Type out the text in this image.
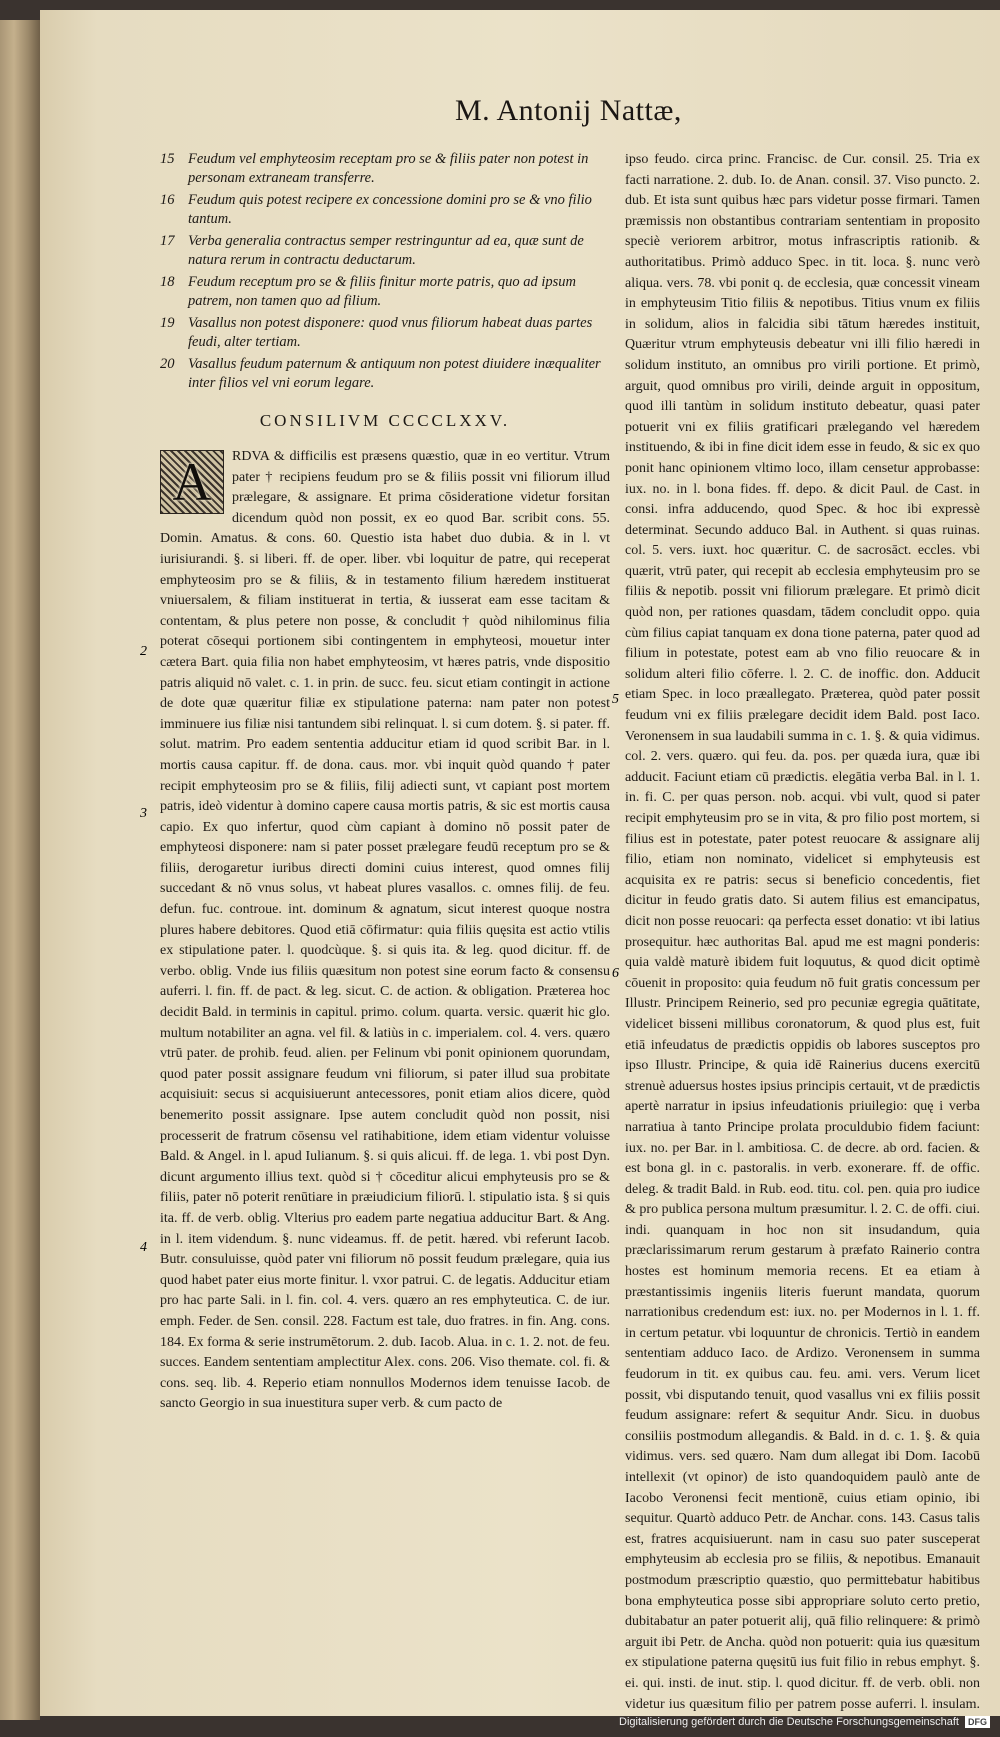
M. Antonij Nattæ,
15 Feudum vel emphyteosim receptam pro se & filiis pater non potest in personam extraneam transferre.
16 Feudum quis potest recipere ex concessione domini pro se & vno filio tantum.
17 Verba generalia contractus semper restringuntur ad ea, quæ sunt de natura rerum in contractu deductarum.
18 Feudum receptum pro se & filiis finitur morte patris, quo ad ipsum patrem, non tamen quo ad filium.
19 Vasallus non potest disponere: quod vnus filiorum habeat duas partes feudi, alter tertiam.
20 Vasallus feudum paternum & antiquum non potest diuidere inæqualiter inter filios vel vni eorum legare.
CONSILIVM CCCCLXXV.

A	RDVA & difficilis est præsens quæstio, quæ in eo vertitur. Vtrum pater † recipiens feudum pro se & filiis possit vni filiorum illud prælegare, & assignare. Et prima cōsideratione videtur forsitan dicendum quòd non possit, ex eo quod Bar. scribit cons. 55. Domin. Amatus. & cons. 60. Questio ista habet duo dubia. & in l. vt iurisiurandi. §. si liberi. ff. de oper. liber. vbi loquitur de patre, qui receperat emphyteosim pro se & filiis, & in testamento filium hæredem instituerat vniuersalem, & filiam instituerat in tertia, & iusserat eam esse tacitam & contentam, & plus petere non posse, & concludit † quòd nihilominus filia poterat cōsequi portionem sibi contingentem in emphyteosi, mouetur inter cætera Bart. quia filia non habet emphyteosim, vt hæres patris, vnde dispositio patris aliquid nō valet. c. 1. in prin. de succ. feu. sicut etiam contingit in actione de dote quæ quæritur filiæ ex stipulatione paterna: nam pater non potest imminuere ius filiæ nisi tantundem sibi relinquat. l. si cum dotem. §. si pater. ff. solut. matrim. Pro eadem sententia adducitur etiam id quod scribit Bar. in l. mortis causa capitur. ff. de dona. caus. mor. vbi inquit quòd quando † pater recipit emphyteosim pro se & filiis, filij adiecti sunt, vt capiant post mortem patris, ideò videntur à domino capere causa mortis patris, & sic est mortis causa capio. Ex quo infertur, quod cùm capiant à domino nō possit pater de emphyteosi disponere: nam si pater posset prælegare feudū receptum pro se & filiis, derogaretur iuribus directi domini cuius interest, quod omnes filij succedant & nō vnus solus, vt habeat plures vasallos. c. omnes filij. de feu. defun. fuc. controue. int. dominum & agnatum, sicut interest quoque nostra plures habere debitores. Quod etiā cōfirmatur: quia filiis quęsita est actio vtilis ex stipulatione pater. l. quodcùque. §. si quis ita. & leg. quod dicitur. ff. de verbo. oblig. Vnde ius filiis quæsitum non potest sine eorum facto & consensu auferri. l. fin. ff. de pact. & leg. sicut. C. de action. & obligation. Præterea hoc decidit Bald. in terminis in capitul. primo. colum. quarta. versic. quærit hic glo. multum notabiliter an agna. vel fil. & latiùs in c. imperialem. col. 4. vers. quæro vtrū pater. de prohib. feud. alien. per Felinum vbi ponit opinionem quorundam, quod pater possit assignare feudum vni filiorum, si pater illud sua probitate acquisiuit: secus si acquisiuerunt antecessores, ponit etiam alios dicere, quòd benemerito possit assignare. Ipse autem concludit quòd non possit, nisi processerit de fratrum cōsensu vel ratihabitione, idem etiam videntur voluisse Bald. & Angel. in l. apud Iulianum. §. si quis alicui. ff. de lega. 1. vbi post Dyn. dicunt argumento illius text. quòd si † cōceditur alicui emphyteusis pro se & filiis, pater nō poterit renūtiare in præiudicium filiorū. l. stipulatio ista. § si quis ita. ff. de verb. oblig. Vlterius pro eadem parte negatiua adducitur Bart. & Ang. in l. item videndum. §. nunc videamus. ff. de petit. hæred. vbi referunt Iacob. Butr. consuluisse, quòd pater vni filiorum nō possit feudum prælegare, quia ius quod habet pater eius morte finitur. l. vxor patrui. C. de legatis. Adducitur etiam pro hac parte Sali. in l. fin. col. 4. vers. quæro an res emphyteutica. C. de iur. emph. Feder. de Sen. consil. 228. Factum est tale, duo fratres. in fin. Ang. cons. 184. Ex forma & serie instrumētorum. 2. dub. Iacob. Alua. in c. 1. 2. not. de feu. succes. Eandem sententiam amplectitur Alex. cons. 206. Viso themate. col. fi. & cons. seq. lib. 4. Reperio etiam nonnullos Modernos idem tenuisse Iacob. de sancto Georgio in sua inuestitura super verb. & cum pacto de

ipso feudo. circa princ. Francisc. de Cur. consil. 25. Tria ex facti narratione. 2. dub. Io. de Anan. consil. 37. Viso puncto. 2. dub. Et ista sunt quibus hæc pars videtur posse firmari. Tamen præmissis non obstantibus contrariam sententiam in proposito speciè veriorem arbitror, motus infrascriptis rationib. & authoritatibus. Primò adduco Spec. in tit. loca. §. nunc verò aliqua. vers. 78. vbi ponit q. de ecclesia, quæ concessit vineam in emphyteusim Titio filiis & nepotibus. Titius vnum ex filiis in solidum, alios in falcidia sibi tātum hæredes instituit, Quæritur vtrum emphyteusis debeatur vni illi filio hæredi in solidum instituto, an omnibus pro virili portione. Et primò, arguit, quod omnibus pro virili, deinde arguit in oppositum, quod illi tantùm in solidum instituto debeatur, quasi pater potuerit vni ex filiis gratificari prælegando vel hæredem instituendo, & ibi in fine dicit idem esse in feudo, & sic ex quo ponit hanc opinionem vltimo loco, illam censetur approbasse: iux. no. in l. bona fides. ff. depo. & dicit Paul. de Cast. in consi. infra adducendo, quod Spec. & hoc ibi expressè determinat. Secundo adduco Bal. in Authent. si quas ruinas. col. 5. vers. iuxt. hoc quæritur. C. de sacrosāct. eccles. vbi quærit, vtrū pater, qui recepit ab ecclesia emphyteusim pro se filiis & nepotib. possit vni filiorum prælegare. Et primò dicit quòd non, per rationes quasdam, tādem concludit oppo. quia cùm filius capiat tanquam ex dona tione paterna, pater quod ad filium in potestate, potest eam ab vno filio reuocare & in solidum alteri filio cōferre. l. 2. C. de inoffic. don. Adducit etiam Spec. in loco præallegato. Præterea, quòd pater possit feudum vni ex filiis prælegare decidit idem Bald. post Iaco. Veronensem in sua laudabili summa in c. 1. §. & quia vidimus. col. 2. vers. quæro. qui feu. da. pos. per quæda iura, quæ ibi adducit. Faciunt etiam cū prædictis. elegātia verba Bal. in l. 1. in. fi. C. per quas person. nob. acqui. vbi vult, quod si pater recipit emphyteusim pro se in vita, & pro filio post mortem, si filius est in potestate, pater potest reuocare & assignare alij filio, etiam non nominato, videlicet si emphyteusis est acquisita ex re patris: secus si beneficio concedentis, fiet dicitur in feudo gratis dato. Si autem filius est emancipatus, dicit non posse reuocari: qa perfecta esset donatio: vt ibi latius prosequitur. hæc authoritas Bal. apud me est magni ponderis: quia valdè maturè ibidem fuit loquutus, & quod dicit optimè cōuenit in proposito: quia feudum nō fuit gratis concessum per Illustr. Principem Reinerio, sed pro pecuniæ egregia quātitate, videlicet bisseni millibus coronatorum, & quod plus est, fuit etiā infeudatus de prædictis oppidis ob labores susceptos pro ipso Illustr. Principe, & quia idē Rainerius ducens exercitū strenuè aduersus hostes ipsius principis certauit, vt de prædictis apertè narratur in ipsius infeudationis priuilegio: quę i verba narratiua à tanto Principe prolata proculdubio fidem faciunt: iux. no. per Bar. in l. ambitiosa. C. de decre. ab ord. facien. & est bona gl. in c. pastoralis. in verb. exonerare. ff. de offic. deleg. & tradit Bald. in Rub. eod. titu. col. pen. quia pro iudice & pro publica persona multum præsumitur. l. 2. C. de offi. ciui. indi. quanquam in hoc non sit insudandum, quia præclarissimarum rerum gestarum à præfato Rainerio contra hostes est hominum memoria recens. Et ea etiam à præstantissimis ingeniis literis fuerunt mandata, quorum narrationibus credendum est: iux. no. per Modernos in l. 1. ff. in certum petatur. vbi loquuntur de chronicis. Tertiò in eandem sententiam adduco Iaco. de Ardizo. Veronensem in summa feudorum in tit. ex quibus cau. feu. ami. vers. Verum licet possit, vbi disputando tenuit, quod vasallus vni ex filiis possit feudum assignare: refert & sequitur Andr. Sicu. in duobus consiliis postmodum allegandis. & Bald. in d. c. 1. §. & quia vidimus. vers. sed quæro. Nam dum allegat ibi Dom. Iacobū intellexit (vt opinor) de isto quandoquidem paulò ante de Iacobo Veronensi fecit mentionē, cuius etiam opinio, ibi sequitur. Quartò adduco Petr. de Anchar. cons. 143. Casus talis est, fratres acquisiuerunt. nam in casu suo pater susceperat emphyteusim ab ecclesia pro se filiis, & nepotibus. Emanauit postmodum præscriptio quæstio, quo permittebatur habitibus bona emphyteutica posse sibi appropriare soluto certo pretio, dubitabatur an pater potuerit alij, quā filio relinquere: & primò arguit ibi Petr. de Ancha. quòd non potuerit: quia ius quæsitum ex stipulatione paterna quęsitū ius fuit filio in rebus emphyt. §. ei. qui. insti. de inut. stip. l. quod dicitur. ff. de verb. obli. non videtur ius quæsitum filio per patrem posse auferri. l. insulam.

2
3
4
5
6
Digitalisierung gefördert durch die Deutsche Forschungsgemeinschaft	DFG
